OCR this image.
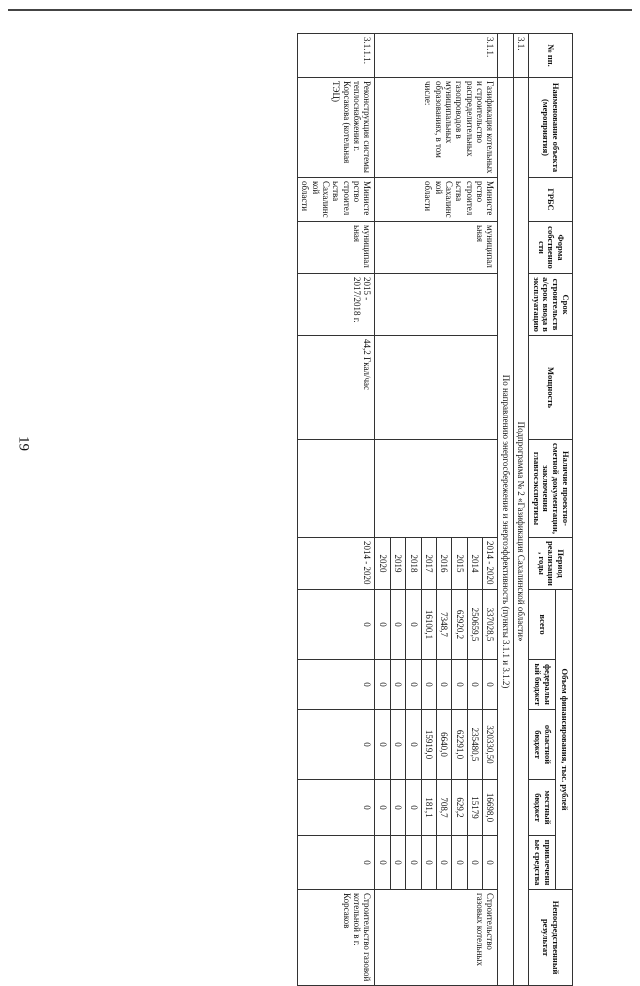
19
№ пп.	Наименование объекта (мероприятия)	ГРБС	Форма собственности	Срок строительства/срок ввода в эксплуатацию	Мощность	Наличие проектно-сметной документации, заключения главгосэкспертизы	Период реализации, годы	Объем финансирования, тыс. рублей					Непосредственный результат
								всего	федеральный бюджет	областной бюджет	местный бюджет	привлеченные средства	
3.1.	Подпрограмма № 2 «Газификация Сахалинской области»												
	По направлению энергосбережение и энергоэффективность (пункты 3.1.1 и 3.1.2)												
3.1.1.	Газификация котельных и строительство распределительных газопроводов в муниципальных образованиях, в том числе:	Министерство строительства Сахалинской области	муниципальная				2014 - 2020	337028,5	0	320330,50	16698,0	0	Строительство газовых котельных
							2014	250659,5	0	235480,5	15179	0	
							2015	62920,2	0	62291,0	629,2	0	
							2016	7348,7	0	6640,0	708,7	0	
							2017	16100,1	0	15919,0	181,1	0	
							2018	0	0	0	0	0	
							2019	0	0	0	0	0	
							2020	0	0	0	0	0	
3.1.1.1.	Реконструкция системы теплоснабжения г. Корсакова (котельная ТЭЦ)	Министерство строительства Сахалинской области	муниципальная	2015 - 2017/2018 г.	44,2 Гкал/час		2014 - 2020	0	0	0	0	0	Строительство газовой котельной в г. Корсаков
